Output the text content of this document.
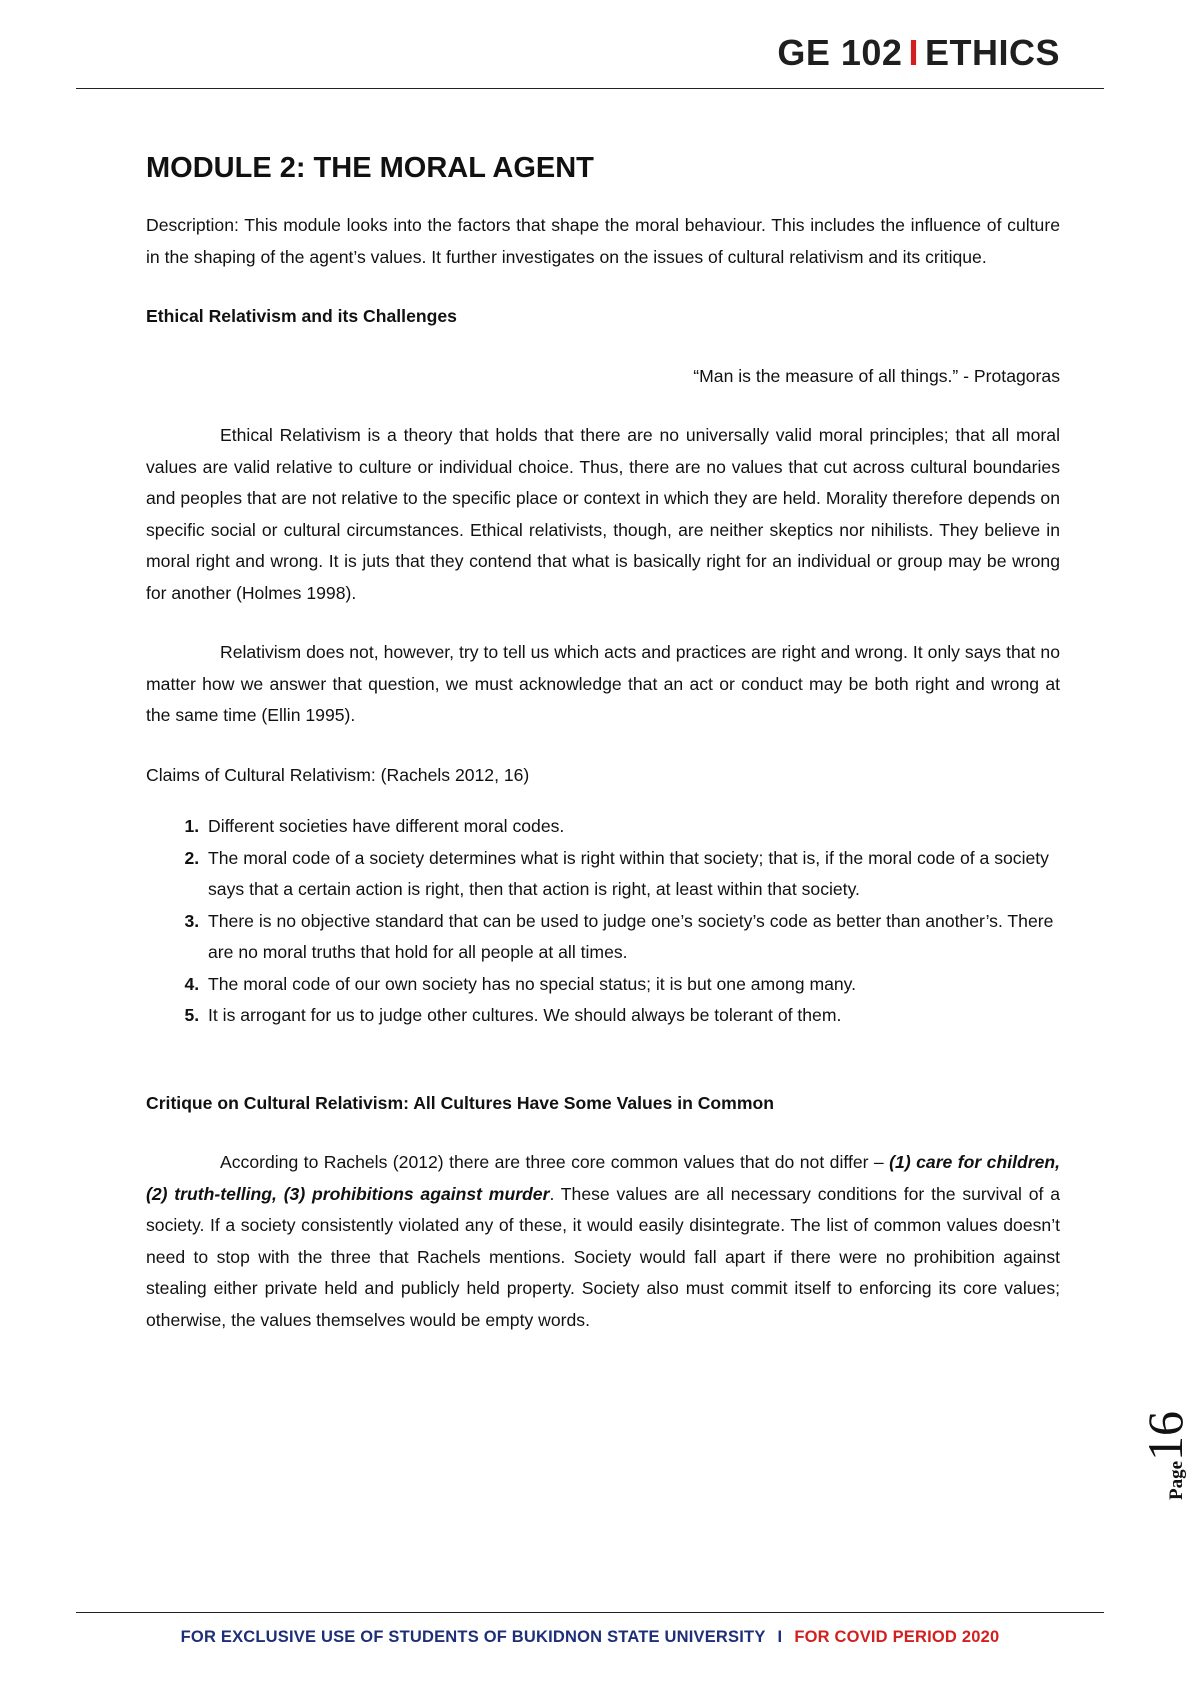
GE 102 I ETHICS
MODULE 2: THE MORAL AGENT

Description: This module looks into the factors that shape the moral behaviour. This includes the influence of culture in the shaping of the agent’s values. It further investigates on the issues of cultural relativism and its critique.

Ethical Relativism and its Challenges

“Man is the measure of all things.” - Protagoras

Ethical Relativism is a theory that holds that there are no universally valid moral principles; that all moral values are valid relative to culture or individual choice. Thus, there are no values that cut across cultural boundaries and peoples that are not relative to the specific place or context in which they are held. Morality therefore depends on specific social or cultural circumstances. Ethical relativists, though, are neither skeptics nor nihilists. They believe in moral right and wrong. It is juts that they contend that what is basically right for an individual or group may be wrong for another (Holmes 1998).

Relativism does not, however, try to tell us which acts and practices are right and wrong. It only says that no matter how we answer that question, we must acknowledge that an act or conduct may be both right and wrong at the same time (Ellin 1995).

Claims of Cultural Relativism: (Rachels 2012, 16)

1. Different societies have different moral codes.
2. The moral code of a society determines what is right within that society; that is, if the moral code of a society says that a certain action is right, then that action is right, at least within that society.
3. There is no objective standard that can be used to judge one’s society’s code as better than another’s. There are no moral truths that hold for all people at all times.
4. The moral code of our own society has no special status; it is but one among many.
5. It is arrogant for us to judge other cultures. We should always be tolerant of them.

Critique on Cultural Relativism: All Cultures Have Some Values in Common

According to Rachels (2012) there are three core common values that do not differ – (1) care for children, (2) truth-telling, (3) prohibitions against murder. These values are all necessary conditions for the survival of a society. If a society consistently violated any of these, it would easily disintegrate. The list of common values doesn’t need to stop with the three that Rachels mentions. Society would fall apart if there were no prohibition against stealing either private held and publicly held property. Society also must commit itself to enforcing its core values; otherwise, the values themselves would be empty words.

Page16
FOR EXCLUSIVE USE OF STUDENTS OF BUKIDNON STATE UNIVERSITY I FOR COVID PERIOD 2020
